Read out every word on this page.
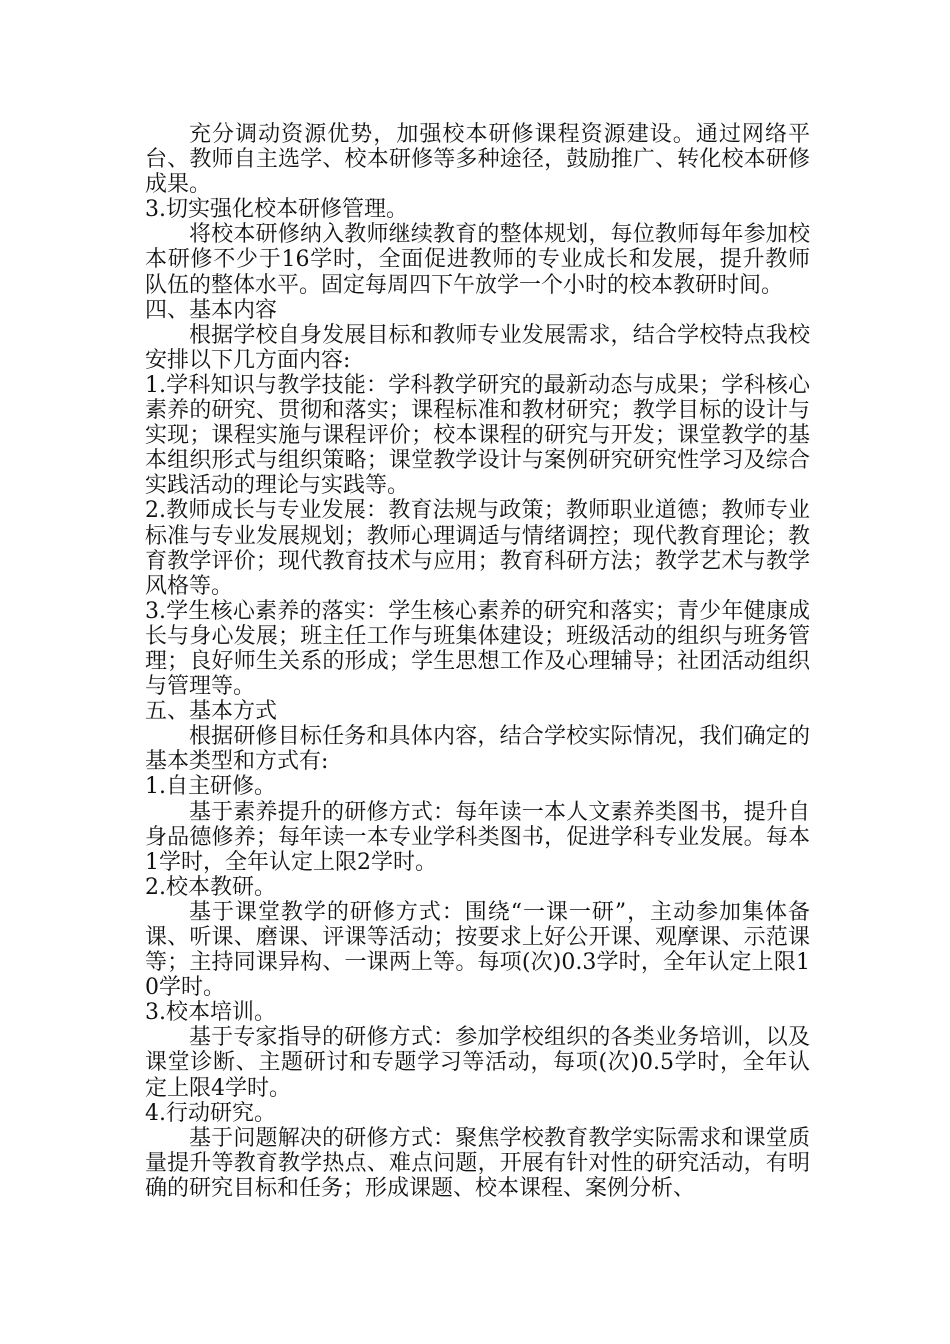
充分调动资源优势，加强校本研修课程资源建设。通过网络平台、教师自主选学、校本研修等多种途径，鼓励推广、转化校本研修成果。

3.切实强化校本研修管理。

将校本研修纳入教师继续教育的整体规划，每位教师每年参加校本研修不少于16学时，全面促进教师的专业成长和发展，提升教师队伍的整体水平。固定每周四下午放学一个小时的校本教研时间。

四、基本内容

根据学校自身发展目标和教师专业发展需求，结合学校特点我校安排以下几方面内容:

1.学科知识与教学技能：学科教学研究的最新动态与成果；学科核心素养的研究、贯彻和落实；课程标准和教材研究；教学目标的设计与实现；课程实施与课程评价；校本课程的研究与开发；课堂教学的基本组织形式与组织策略；课堂教学设计与案例研究研究性学习及综合实践活动的理论与实践等。

2.教师成长与专业发展：教育法规与政策；教师职业道德；教师专业标准与专业发展规划；教师心理调适与情绪调控；现代教育理论；教育教学评价；现代教育技术与应用；教育科研方法；教学艺术与教学风格等。

3.学生核心素养的落实：学生核心素养的研究和落实；青少年健康成长与身心发展；班主任工作与班集体建设；班级活动的组织与班务管理；良好师生关系的形成；学生思想工作及心理辅导；社团活动组织与管理等。

五、基本方式

根据研修目标任务和具体内容，结合学校实际情况，我们确定的基本类型和方式有:

1.自主研修。

基于素养提升的研修方式：每年读一本人文素养类图书，提升自身品德修养；每年读一本专业学科类图书，促进学科专业发展。每本1学时，全年认定上限2学时。

2.校本教研。

基于课堂教学的研修方式：围绕“一课一研”，主动参加集体备课、听课、磨课、评课等活动；按要求上好公开课、观摩课、示范课等；主持同课异构、一课两上等。每项(次)0.3学时，全年认定上限10学时。

3.校本培训。

基于专家指导的研修方式：参加学校组织的各类业务培训，以及课堂诊断、主题研讨和专题学习等活动，每项(次)0.5学时，全年认定上限4学时。

4.行动研究。

基于问题解决的研修方式：聚焦学校教育教学实际需求和课堂质量提升等教育教学热点、难点问题，开展有针对性的研究活动，有明确的研究目标和任务；形成课题、校本课程、案例分析、
